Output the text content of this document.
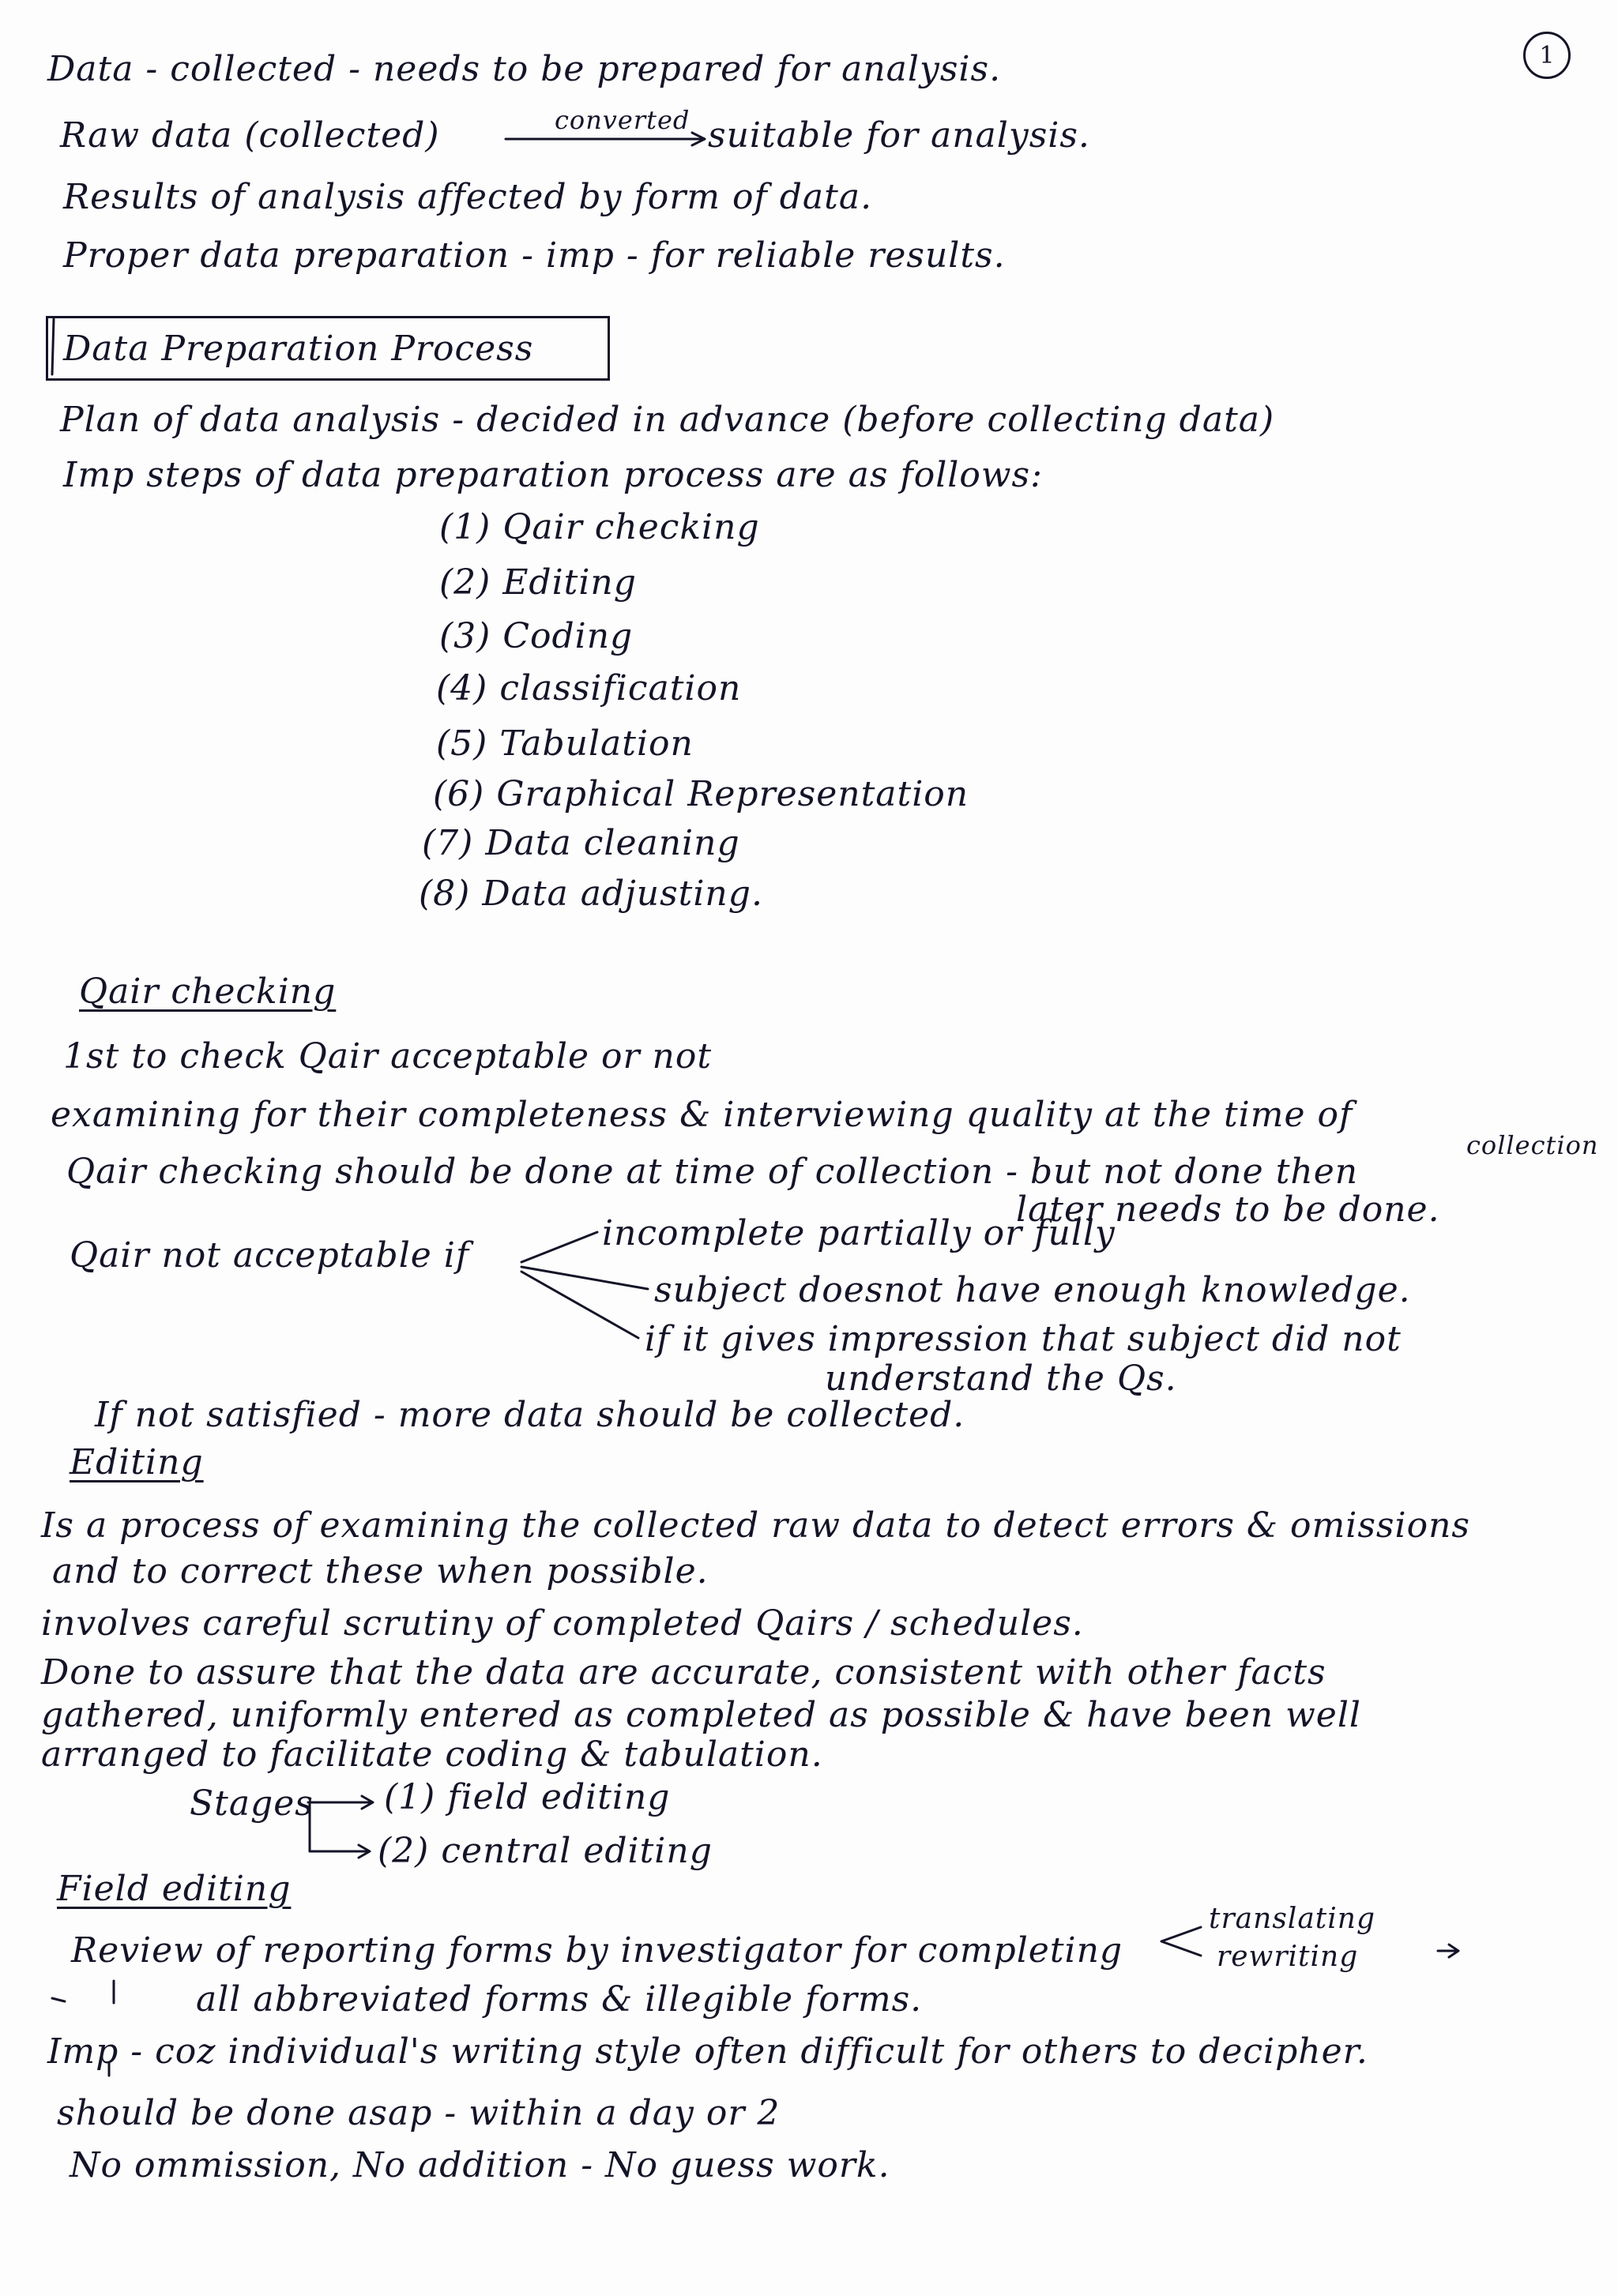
1
Data - collected - needs to be prepared for analysis.
Raw data (collected)	converted suitable for analysis.
Results of analysis affected by form of data.
Proper data preparation - imp - for reliable results.
Data Preparation Process
Plan of data analysis - decided in advance (before collecting data)
Imp steps of data preparation process are as follows:
(1) Qair checking
(2) Editing
(3) Coding
(4) classification
(5) Tabulation
(6) Graphical Representation
(7) Data cleaning
(8) Data adjusting.
Qair checking
1st to check Qair acceptable or not
examining for their completeness & interviewing quality at the time of
collection
Qair checking should be done at time of collection - but not done then
later needs to be done.
Qair not acceptable if
incomplete partially or fully
subject doesnot have enough knowledge.
if it gives impression that subject did not
understand the Qs.
If not satisfied - more data should be collected.
Editing
Is a process of examining the collected raw data to detect errors & omissions
and to correct these when possible.
involves careful scrutiny of completed Qairs / schedules.
Done to assure that the data are accurate, consistent with other facts
gathered, uniformly entered as completed as possible & have been well
arranged to facilitate coding & tabulation.
Stages (1) field editing
(2) central editing
Field editing
Review of reporting forms by investigator for completing
translating
rewriting
all abbreviated forms & illegible forms.
Imp - coz individual's writing style often difficult for others to decipher.
should be done asap - within a day or 2
No ommission, No addition - No guess work.
